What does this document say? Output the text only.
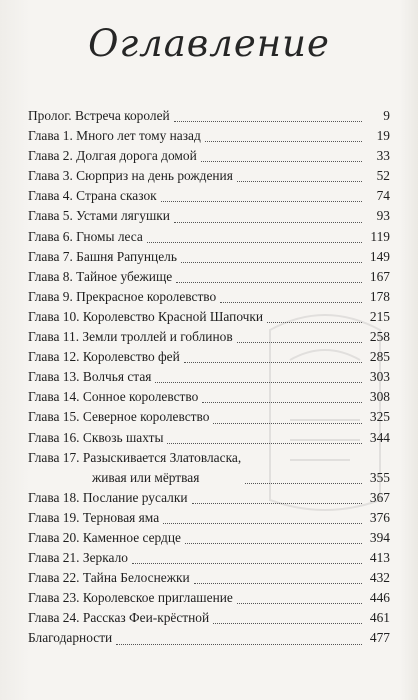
Оглавление
Пролог. Встреча королей	9
Глава 1. Много лет тому назад	19
Глава 2. Долгая дорога домой	33
Глава 3. Сюрприз на день рождения	52
Глава 4. Страна сказок	74
Глава 5. Устами лягушки	93
Глава 6. Гномы леса	119
Глава 7. Башня Рапунцель	149
Глава 8. Тайное убежище	167
Глава 9. Прекрасное королевство	178
Глава 10. Королевство Красной Шапочки	215
Глава 11. Земли троллей и гоблинов	258
Глава 12. Королевство фей	285
Глава 13. Волчья стая	303
Глава 14. Сонное королевство	308
Глава 15. Северное королевство	325
Глава 16. Сквозь шахты	344
Глава 17. Разыскивается Златовласка,
живая или мёртвая	355
Глава 18. Послание русалки	367
Глава 19. Терновая яма	376
Глава 20. Каменное сердце	394
Глава 21. Зеркало	413
Глава 22. Тайна Белоснежки	432
Глава 23. Королевское приглашение	446
Глава 24. Рассказ Феи-крёстной	461
Благодарности	477
